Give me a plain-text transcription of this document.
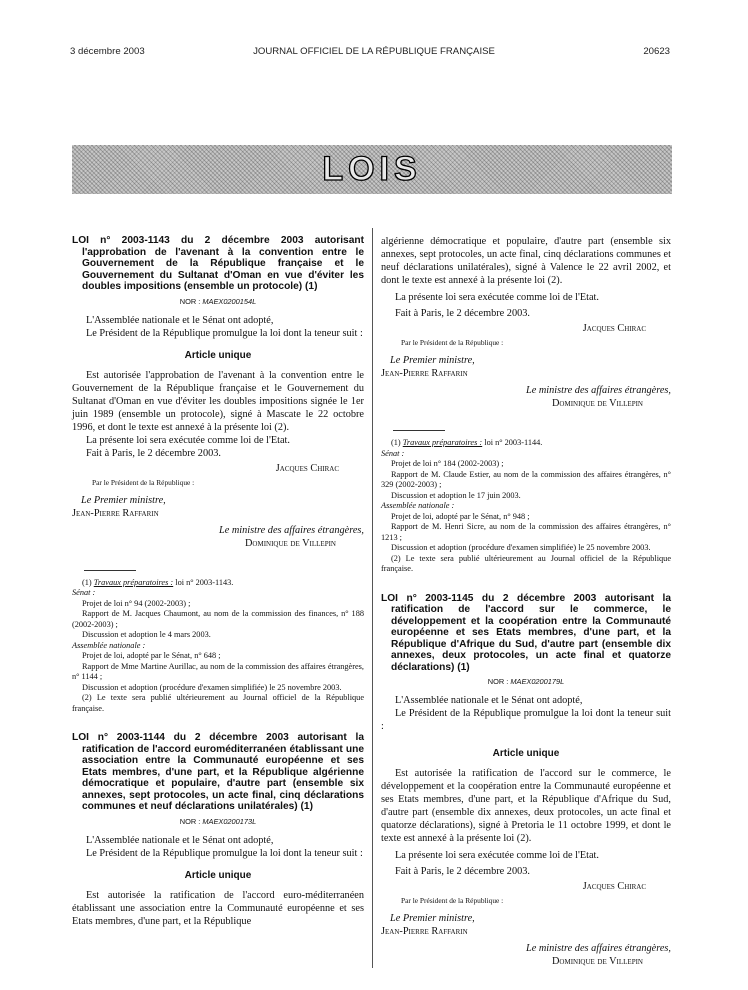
3 décembre 2003	JOURNAL OFFICIEL DE LA RÉPUBLIQUE FRANÇAISE	20623
LOIS
LOI n° 2003-1143 du 2 décembre 2003 autorisant l'approbation de l'avenant à la convention entre le Gouvernement de la République française et le Gouvernement du Sultanat d'Oman en vue d'éviter les doubles impositions (ensemble un protocole) (1)
NOR : MAEX0200154L

L'Assemblée nationale et le Sénat ont adopté,

Le Président de la République promulgue la loi dont la teneur suit :

Article unique

Est autorisée l'approbation de l'avenant à la convention entre le Gouvernement de la République française et le Gouvernement du Sultanat d'Oman en vue d'éviter les doubles impositions signée le 1er juin 1989 (ensemble un protocole), signé à Mascate le 22 octobre 1996, et dont le texte est annexé à la présente loi (2).

La présente loi sera exécutée comme loi de l'Etat.

Fait à Paris, le 2 décembre 2003.

Jacques Chirac
Par le Président de la République :
Le Premier ministre,
Jean-Pierre Raffarin
Le ministre des affaires étrangères,
Dominique de Villepin
(1) Travaux préparatoires : loi n° 2003-1143.
Sénat :
Projet de loi n° 94 (2002-2003) ;
Rapport de M. Jacques Chaumont, au nom de la commission des finances, n° 188 (2002-2003) ;
Discussion et adoption le 4 mars 2003.
Assemblée nationale :
Projet de loi, adopté par le Sénat, n° 648 ;
Rapport de Mme Martine Aurillac, au nom de la commission des affaires étrangères, n° 1144 ;
Discussion et adoption (procédure d'examen simplifiée) le 25 novembre 2003.
(2) Le texte sera publié ultérieurement au Journal officiel de la République française.
LOI n° 2003-1144 du 2 décembre 2003 autorisant la ratification de l'accord euroméditerranéen établissant une association entre la Communauté européenne et ses Etats membres, d'une part, et la République algérienne démocratique et populaire, d'autre part (ensemble six annexes, sept protocoles, un acte final, cinq déclarations communes et neuf déclarations unilatérales) (1)
NOR : MAEX0200173L

L'Assemblée nationale et le Sénat ont adopté,

Le Président de la République promulgue la loi dont la teneur suit :

Article unique

Est autorisée la ratification de l'accord euro-méditerranéen établissant une association entre la Communauté européenne et ses Etats membres, d'une part, et la République

algérienne démocratique et populaire, d'autre part (ensemble six annexes, sept protocoles, un acte final, cinq déclarations communes et neuf déclarations unilatérales), signé à Valence le 22 avril 2002, et dont le texte est annexé à la présente loi (2).

La présente loi sera exécutée comme loi de l'Etat.

Fait à Paris, le 2 décembre 2003.

Jacques Chirac
Par le Président de la République :
Le Premier ministre,
Jean-Pierre Raffarin
Le ministre des affaires étrangères,
Dominique de Villepin
(1) Travaux préparatoires : loi n° 2003-1144.
Sénat :
Projet de loi n° 184 (2002-2003) ;
Rapport de M. Claude Estier, au nom de la commission des affaires étrangères, n° 329 (2002-2003) ;
Discussion et adoption le 17 juin 2003.
Assemblée nationale :
Projet de loi, adopté par le Sénat, n° 948 ;
Rapport de M. Henri Sicre, au nom de la commission des affaires étrangères, n° 1213 ;
Discussion et adoption (procédure d'examen simplifiée) le 25 novembre 2003.
(2) Le texte sera publié ultérieurement au Journal officiel de la République française.
LOI n° 2003-1145 du 2 décembre 2003 autorisant la ratification de l'accord sur le commerce, le développement et la coopération entre la Communauté européenne et ses Etats membres, d'une part, et la République d'Afrique du Sud, d'autre part (ensemble dix annexes, deux protocoles, un acte final et quatorze déclarations) (1)
NOR : MAEX0200179L

L'Assemblée nationale et le Sénat ont adopté,

Le Président de la République promulgue la loi dont la teneur suit :

Article unique

Est autorisée la ratification de l'accord sur le commerce, le développement et la coopération entre la Communauté européenne et ses Etats membres, d'une part, et la République d'Afrique du Sud, d'autre part (ensemble dix annexes, deux protocoles, un acte final et quatorze déclarations), signé à Pretoria le 11 octobre 1999, et dont le texte est annexé à la présente loi (2).

La présente loi sera exécutée comme loi de l'Etat.

Fait à Paris, le 2 décembre 2003.

Jacques Chirac
Par le Président de la République :
Le Premier ministre,
Jean-Pierre Raffarin
Le ministre des affaires étrangères,
Dominique de Villepin
